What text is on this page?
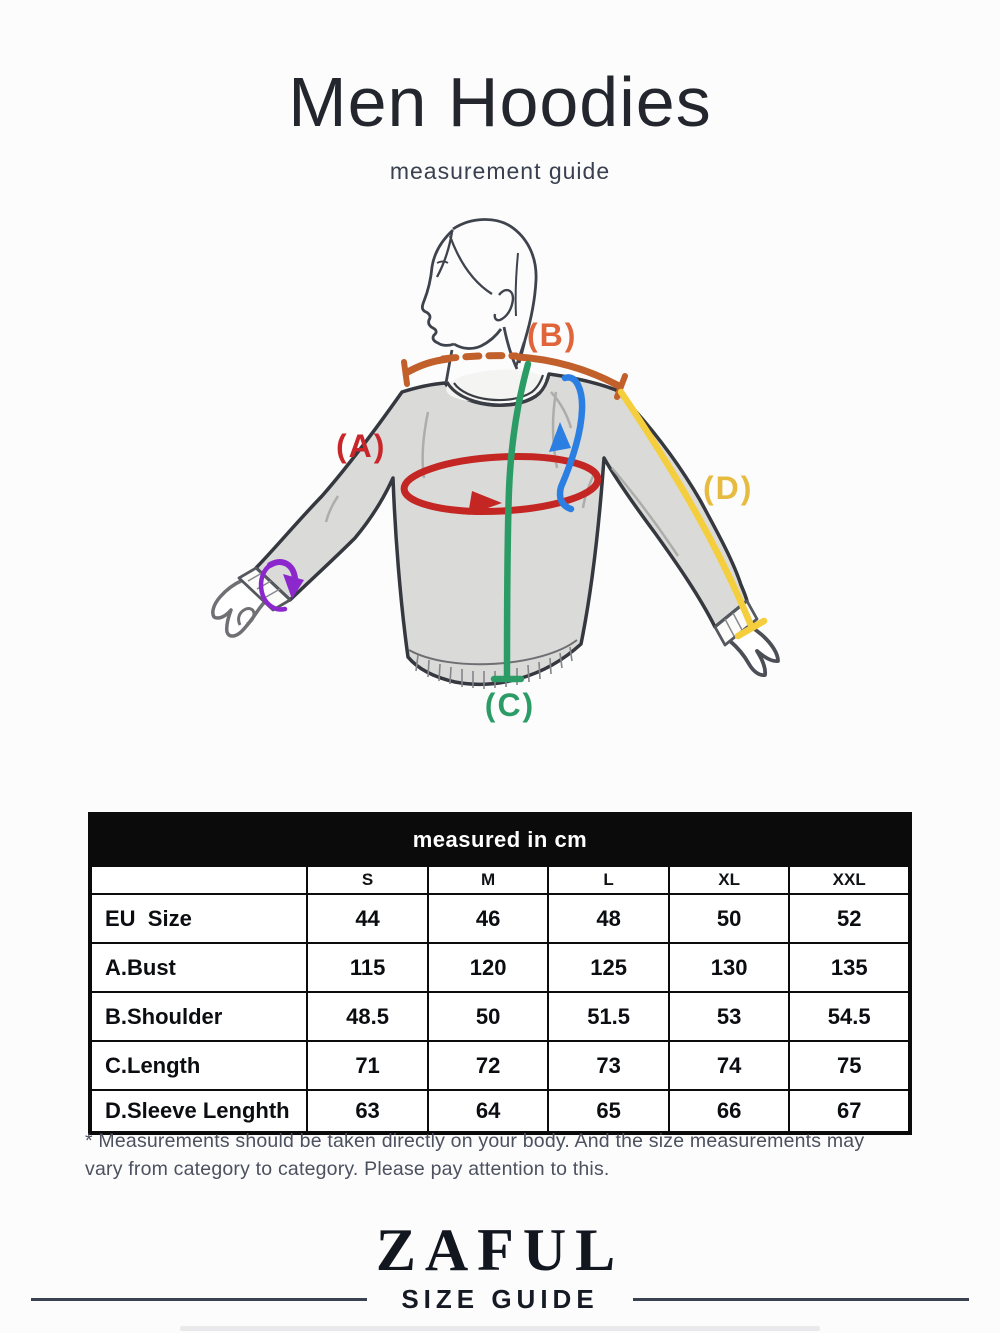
Men Hoodies
measurement guide
(B)
(A)
(C)
(D)
measured in cm					
	S	M	L	XL	XXL
EU  Size	44	46	48	50	52
A.Bust	115	120	125	130	135
B.Shoulder	48.5	50	51.5	53	54.5
C.Length	71	72	73	74	75
D.Sleeve Lenghth	63	64	65	66	67
* Measurements should be taken directly on your body. And the size measurements may vary from category to category. Please pay attention to this.
ZAFUL
SIZE GUIDE
